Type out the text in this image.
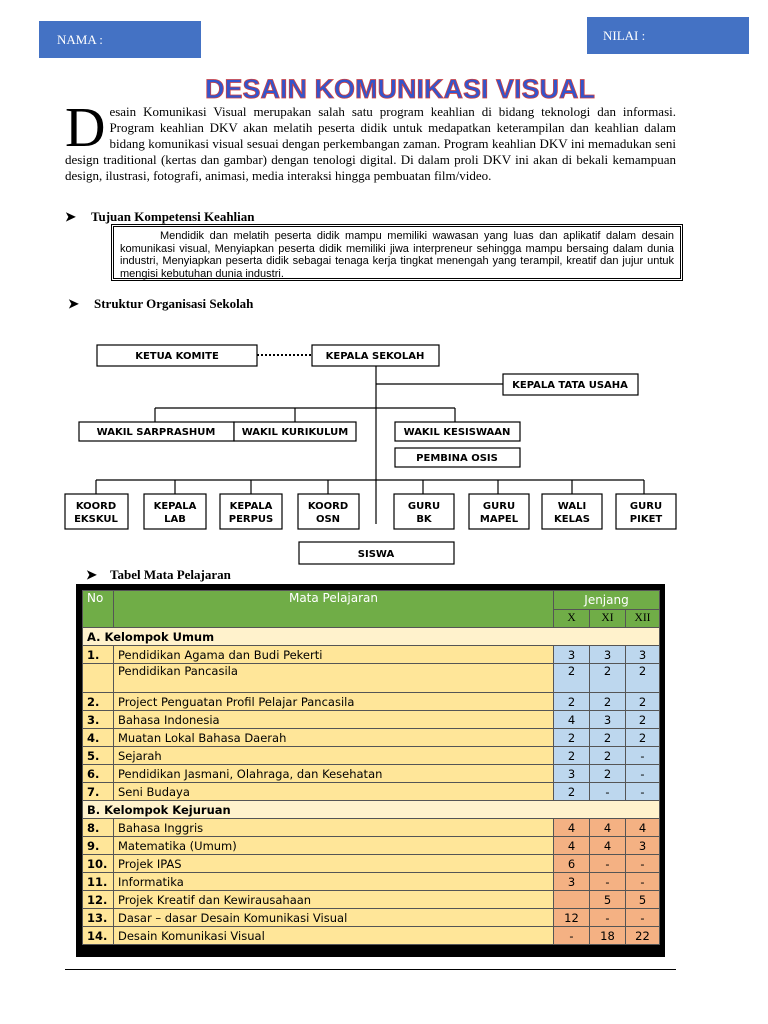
NAMA :	NILAI :
DESAIN KOMUNIKASI VISUAL
Desain Komunikasi Visual merupakan salah satu program keahlian di bidang teknologi dan informasi. Program keahlian DKV akan melatih peserta didik untuk medapatkan keterampilan dan keahlian dalam bidang komunikasi visual sesuai dengan perkembangan zaman. Program keahlian DKV ini memadukan seni design traditional (kertas dan gambar) dengan tenologi digital. Di dalam proli DKV ini akan di bekali kemampuan design, ilustrasi, fotografi, animasi, media interaksi hingga pembuatan film/video.
➤ Tujuan Kompetensi Keahlian

Mendidik dan melatih peserta didik mampu memiliki wawasan yang luas dan aplikatif dalam desain komunikasi visual, Menyiapkan peserta didik memiliki jiwa interpreneur sehingga mampu bersaing dalam dunia industri, Menyiapkan peserta didik sebagai tenaga kerja tingkat menengah yang terampil, kreatif dan jujur untuk mengisi kebutuhan dunia industri.

➤ Struktur Organisasi Sekolah
KETUA KOMITE	KEPALA SEKOLAH
KEPALA TATA USAHA
WAKIL SARPRASHUM	WAKIL KURIKULUM	WAKIL KESISWAAN
PEMBINA OSIS
KOORD
EKSKUL
KEPALA
LAB
KEPALA
PERPUS
KOORD
OSN
GURU
BK
GURU
MAPEL
WALI
KELAS
GURU
PIKET
SISWA
➤ Tabel Mata Pelajaran
No	Mata Pelajaran	Jenjang		
		X	XI	XII
A. Kelompok Umum				
1.	Pendidikan Agama dan Budi Pekerti	3	3	3
	Pendidikan Pancasila	2	2	2
2.	Project Penguatan Profil Pelajar Pancasila	2	2	2
3.	Bahasa Indonesia	4	3	2
4.	Muatan Lokal Bahasa Daerah	2	2	2
5.	Sejarah	2	2	-
6.	Pendidikan Jasmani, Olahraga, dan Kesehatan	3	2	-
7.	Seni Budaya	2	-	-
B. Kelompok Kejuruan				
8.	Bahasa Inggris	4	4	4
9.	Matematika (Umum)	4	4	3
10.	Projek IPAS	6	-	-
11.	Informatika	3	-	-
12.	Projek Kreatif dan Kewirausahaan		5	5
13.	Dasar – dasar Desain Komunikasi Visual	12	-	-
14.	Desain Komunikasi Visual	-	18	22
